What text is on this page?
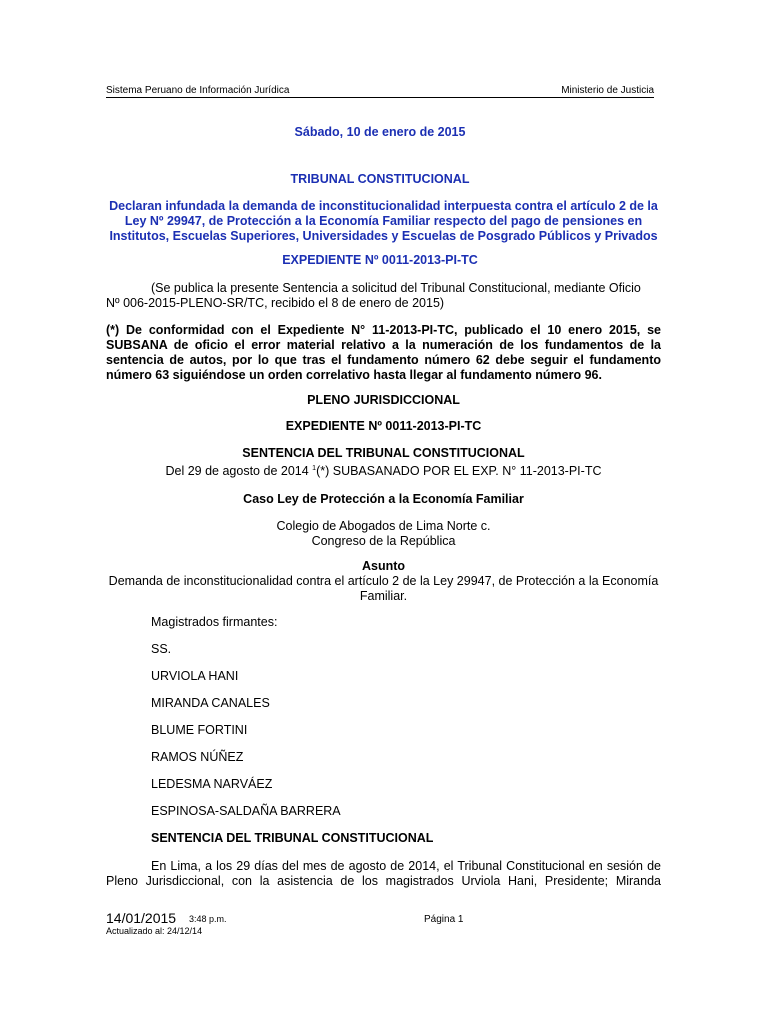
Sistema Peruano de Información Jurídica	Ministerio de Justicia
Sábado, 10 de enero de 2015
TRIBUNAL CONSTITUCIONAL
Declaran infundada la demanda de inconstitucionalidad interpuesta contra el artículo 2 de la
Ley Nº 29947, de Protección a la Economía Familiar respecto del pago de pensiones en
Institutos, Escuelas Superiores, Universidades y Escuelas de Posgrado Públicos y Privados
EXPEDIENTE Nº 0011-2013-PI-TC
(Se publica la presente Sentencia a solicitud del Tribunal Constitucional, mediante Oficio
Nº 006-2015-PLENO-SR/TC, recibido el 8 de enero de 2015)
(*) De conformidad con el Expediente N° 11-2013-PI-TC, publicado el 10 enero 2015, se
SUBSANA de oficio el error material relativo a la numeración de los fundamentos de la
sentencia de autos, por lo que tras el fundamento número 62 debe seguir el fundamento
número 63 siguiéndose un orden correlativo hasta llegar al fundamento número 96.
PLENO JURISDICCIONAL
EXPEDIENTE Nº 0011-2013-PI-TC
SENTENCIA DEL TRIBUNAL CONSTITUCIONAL
Del 29 de agosto de 2014 $^1$(*) SUBASANADO POR EL EXP. N° 11-2013-PI-TC
Caso Ley de Protección a la Economía Familiar
Colegio de Abogados de Lima Norte c.
Congreso de la República
Asunto
Demanda de inconstitucionalidad contra el artículo 2 de la Ley 29947, de Protección a la Economía
Familiar.
Magistrados firmantes:
SS.
URVIOLA HANI
MIRANDA CANALES
BLUME FORTINI
RAMOS NÚÑEZ
LEDESMA NARVÁEZ
ESPINOSA-SALDAÑA BARRERA
SENTENCIA DEL TRIBUNAL CONSTITUCIONAL
En Lima, a los 29 días del mes de agosto de 2014, el Tribunal Constitucional en sesión de
Pleno Jurisdiccional, con la asistencia de los magistrados Urviola Hani, Presidente; Miranda
14/01/2015 3:48 p.m.	Página 1
Actualizado al: 24/12/14
